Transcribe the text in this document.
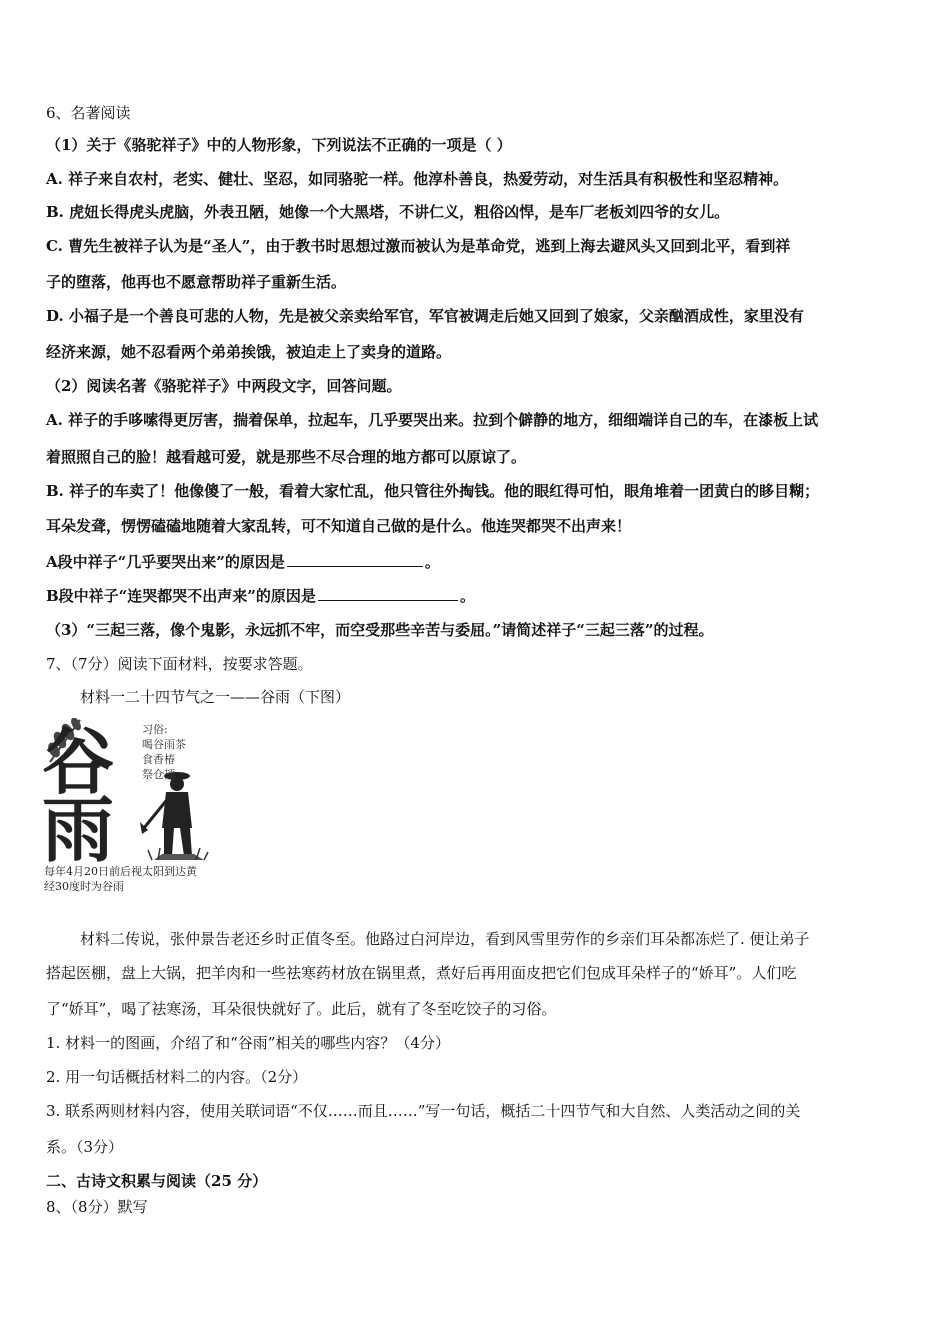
6、名著阅读
（1）关于《骆驼祥子》中的人物形象，下列说法不正确的一项是（ ）
A. 祥子来自农村，老实、健壮、坚忍，如同骆驼一样。他淳朴善良，热爱劳动，对生活具有积极性和坚忍精神。
B. 虎妞长得虎头虎脑，外表丑陋，她像一个大黑塔，不讲仁义，粗俗凶悍，是车厂老板刘四爷的女儿。
C. 曹先生被祥子认为是“圣人”，由于教书时思想过激而被认为是革命党，逃到上海去避风头又回到北平，看到祥
子的堕落，他再也不愿意帮助祥子重新生活。
D. 小福子是一个善良可悲的人物，先是被父亲卖给军官，军官被调走后她又回到了娘家，父亲酗酒成性，家里没有
经济来源，她不忍看两个弟弟挨饿，被迫走上了卖身的道路。
（2）阅读名著《骆驼祥子》中两段文字，回答问题。
A. 祥子的手哆嗦得更厉害，揣着保单，拉起车，几乎要哭出来。拉到个僻静的地方，细细端详自己的车，在漆板上试
着照照自己的脸！越看越可爱，就是那些不尽合理的地方都可以原谅了。
B. 祥子的车卖了！他像傻了一般，看着大家忙乱，他只管往外掏钱。他的眼红得可怕，眼角堆着一团黄白的眵目糊；
耳朵发聋，愣愣磕磕地随着大家乱转，可不知道自己做的是什么。他连哭都哭不出声来！
A段中祥子“几乎要哭出来”的原因是	。
B段中祥子“连哭都哭不出声来”的原因是	。
（3）“三起三落，像个鬼影，永远抓不牢，而空受那些辛苦与委屈。”请简述祥子“三起三落”的过程。
7、（7分）阅读下面材料，按要求答题。
材料一二十四节气之一——谷雨（下图）
谷
雨
习俗:
喝谷雨茶
食香椿
祭仓颉
每年4月20日前后视太阳到达黄
经30度时为谷雨
材料二传说，张仲景告老还乡时正值冬至。他路过白河岸边，看到风雪里劳作的乡亲们耳朵都冻烂了. 便让弟子
搭起医棚，盘上大锅，把羊肉和一些祛寒药材放在锅里煮，煮好后再用面皮把它们包成耳朵样子的“娇耳”。人们吃
了“娇耳”，喝了祛寒汤，耳朵很快就好了。此后，就有了冬至吃饺子的习俗。
1. 材料一的图画，介绍了和“谷雨”相关的哪些内容？（4分）
2. 用一句话概括材料二的内容。（2分）
3. 联系两则材料内容，使用关联词语“不仅……而且……”写一句话，概括二十四节气和大自然、人类活动之间的关
系。（3分）
二、古诗文积累与阅读（25 分）
8、（8分）默写
